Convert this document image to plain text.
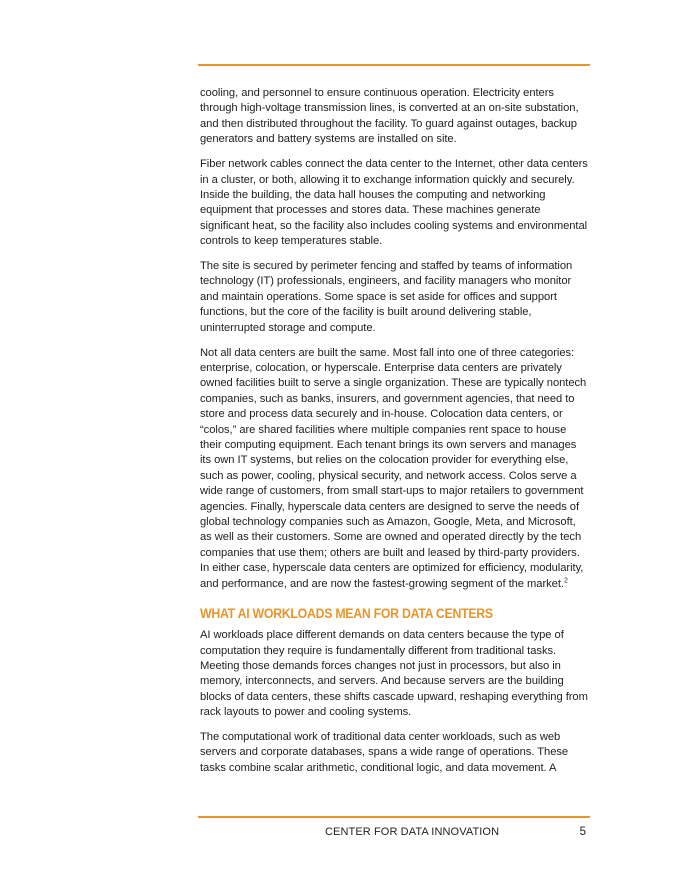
cooling, and personnel to ensure continuous operation. Electricity enters through high-voltage transmission lines, is converted at an on-site substation, and then distributed throughout the facility. To guard against outages, backup generators and battery systems are installed on site.

Fiber network cables connect the data center to the Internet, other data centers in a cluster, or both, allowing it to exchange information quickly and securely. Inside the building, the data hall houses the computing and networking equipment that processes and stores data. These machines generate significant heat, so the facility also includes cooling systems and environmental controls to keep temperatures stable.

The site is secured by perimeter fencing and staffed by teams of information technology (IT) professionals, engineers, and facility managers who monitor and maintain operations. Some space is set aside for offices and support functions, but the core of the facility is built around delivering stable, uninterrupted storage and compute.

Not all data centers are built the same. Most fall into one of three categories: enterprise, colocation, or hyperscale. Enterprise data centers are privately owned facilities built to serve a single organization. These are typically nontech companies, such as banks, insurers, and government agencies, that need to store and process data securely and in-house. Colocation data centers, or “colos,” are shared facilities where multiple companies rent space to house their computing equipment. Each tenant brings its own servers and manages its own IT systems, but relies on the colocation provider for everything else, such as power, cooling, physical security, and network access. Colos serve a wide range of customers, from small start-ups to major retailers to government agencies. Finally, hyperscale data centers are designed to serve the needs of global technology companies such as Amazon, Google, Meta, and Microsoft, as well as their customers. Some are owned and operated directly by the tech companies that use them; others are built and leased by third-party providers. In either case, hyperscale data centers are optimized for efficiency, modularity, and performance, and are now the fastest-growing segment of the market.$^2$

WHAT AI WORKLOADS MEAN FOR DATA CENTERS

AI workloads place different demands on data centers because the type of computation they require is fundamentally different from traditional tasks. Meeting those demands forces changes not just in processors, but also in memory, interconnects, and servers. And because servers are the building blocks of data centers, these shifts cascade upward, reshaping everything from rack layouts to power and cooling systems.

The computational work of traditional data center workloads, such as web servers and corporate databases, spans a wide range of operations. These tasks combine scalar arithmetic, conditional logic, and data movement. A

CENTER FOR DATA INNOVATION	5
